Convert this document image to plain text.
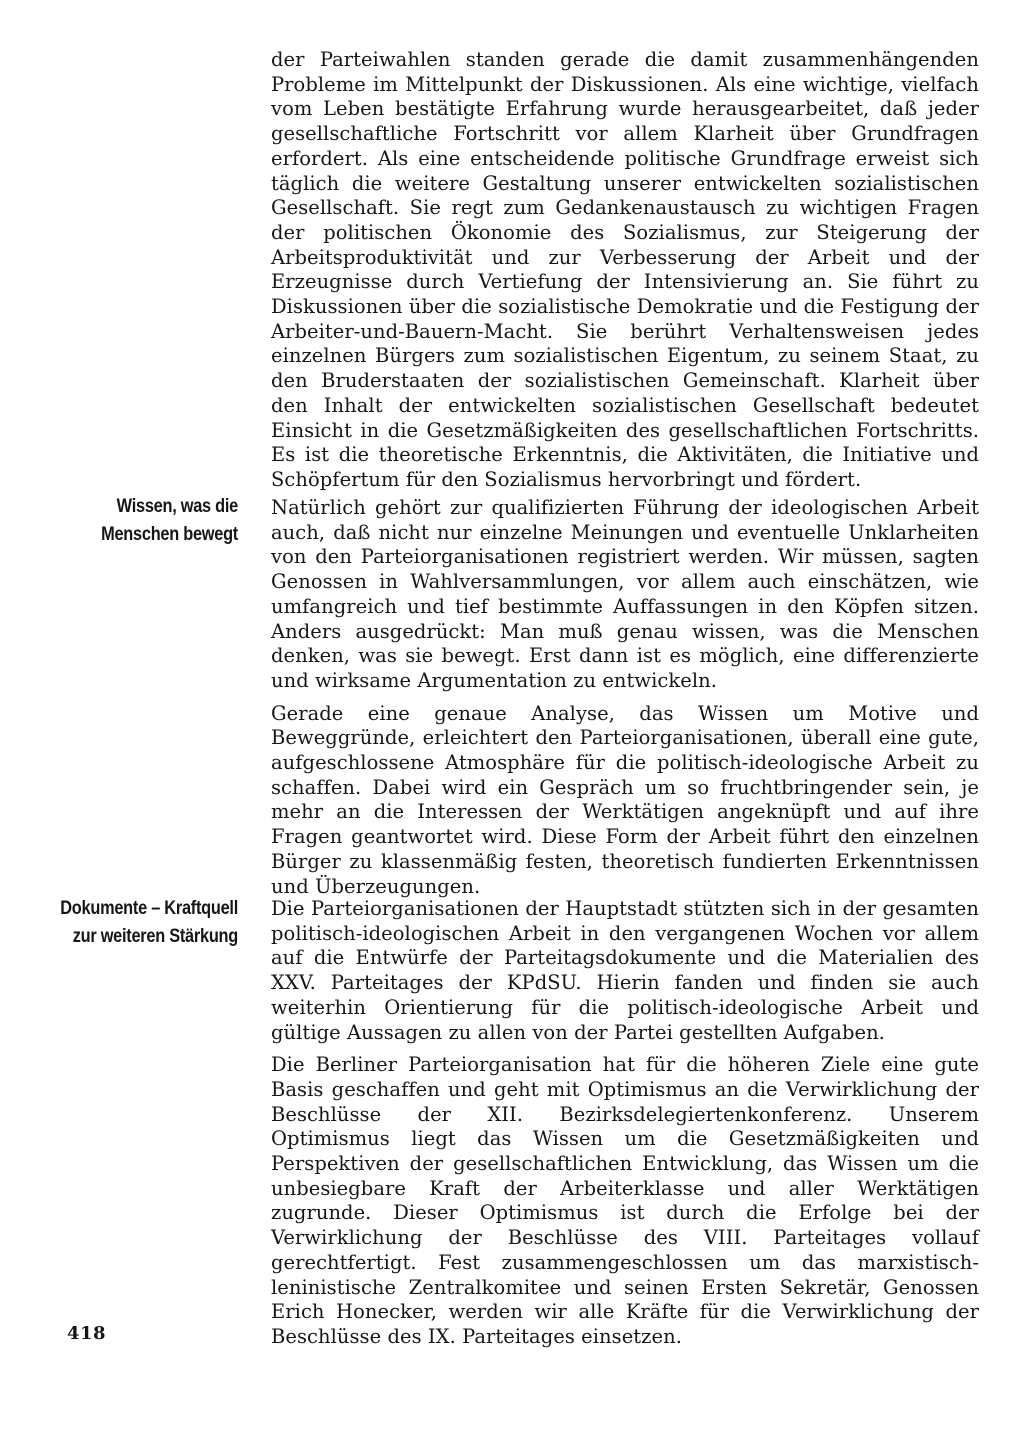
der Parteiwahlen standen gerade die damit zusammenhängenden Probleme im Mittelpunkt der Diskussionen. Als eine wichtige, vielfach vom Leben bestätigte Erfahrung wurde herausgearbeitet, daß jeder gesellschaftliche Fortschritt vor allem Klarheit über Grundfragen erfordert. Als eine entscheidende politische Grundfrage erweist sich täglich die weitere Gestaltung unserer entwickelten sozialistischen Gesellschaft. Sie regt zum Gedankenaustausch zu wichtigen Fragen der politischen Ökonomie des Sozialismus, zur Steigerung der Arbeitsproduktivität und zur Verbesserung der Arbeit und der Erzeugnisse durch Vertiefung der Intensivierung an. Sie führt zu Diskussionen über die sozialistische Demokratie und die Festigung der Arbeiter-und-Bauern-Macht. Sie berührt Verhaltensweisen jedes einzelnen Bürgers zum sozialistischen Eigentum, zu seinem Staat, zu den Bruderstaaten der sozialistischen Gemeinschaft. Klarheit über den Inhalt der entwickelten sozialistischen Gesellschaft bedeutet Einsicht in die Gesetzmäßigkeiten des gesellschaftlichen Fortschritts. Es ist die theoretische Erkenntnis, die Aktivitäten, die Initiative und Schöpfertum für den Sozialismus hervorbringt und fördert.

Wissen, was die
Menschen bewegt

Natürlich gehört zur qualifizierten Führung der ideologischen Arbeit auch, daß nicht nur einzelne Meinungen und eventuelle Unklarheiten von den Parteiorganisationen registriert werden. Wir müssen, sagten Genossen in Wahlversammlungen, vor allem auch einschätzen, wie umfangreich und tief bestimmte Auffassungen in den Köpfen sitzen. Anders ausgedrückt: Man muß genau wissen, was die Menschen denken, was sie bewegt. Erst dann ist es möglich, eine differenzierte und wirksame Argumentation zu entwickeln.

Gerade eine genaue Analyse, das Wissen um Motive und Beweggründe, erleichtert den Parteiorganisationen, überall eine gute, aufgeschlossene Atmosphäre für die politisch-ideologische Arbeit zu schaffen. Dabei wird ein Gespräch um so fruchtbringender sein, je mehr an die Interessen der Werktätigen angeknüpft und auf ihre Fragen geantwortet wird. Diese Form der Arbeit führt den einzelnen Bürger zu klassenmäßig festen, theoretisch fundierten Erkenntnissen und Überzeugungen.

Dokumente – Kraftquell
zur weiteren Stärkung

Die Parteiorganisationen der Hauptstadt stützten sich in der gesamten politisch-ideologischen Arbeit in den vergangenen Wochen vor allem auf die Entwürfe der Parteitagsdokumente und die Materialien des XXV. Parteitages der KPdSU. Hierin fanden und finden sie auch weiterhin Orientierung für die politisch-ideologische Arbeit und gültige Aussagen zu allen von der Partei gestellten Aufgaben.

Die Berliner Parteiorganisation hat für die höheren Ziele eine gute Basis geschaffen und geht mit Optimismus an die Verwirklichung der Beschlüsse der XII. Bezirksdelegiertenkonferenz. Unserem Optimismus liegt das Wissen um die Gesetzmäßigkeiten und Perspektiven der gesellschaftlichen Entwicklung, das Wissen um die unbesiegbare Kraft der Arbeiterklasse und aller Werktätigen zugrunde. Dieser Optimismus ist durch die Erfolge bei der Verwirklichung der Beschlüsse des VIII. Parteitages vollauf gerechtfertigt. Fest zusammengeschlossen um das marxistisch-leninistische Zentralkomitee und seinen Ersten Sekretär, Genossen Erich Honecker, werden wir alle Kräfte für die Verwirklichung der Beschlüsse des IX. Parteitages einsetzen.

418
